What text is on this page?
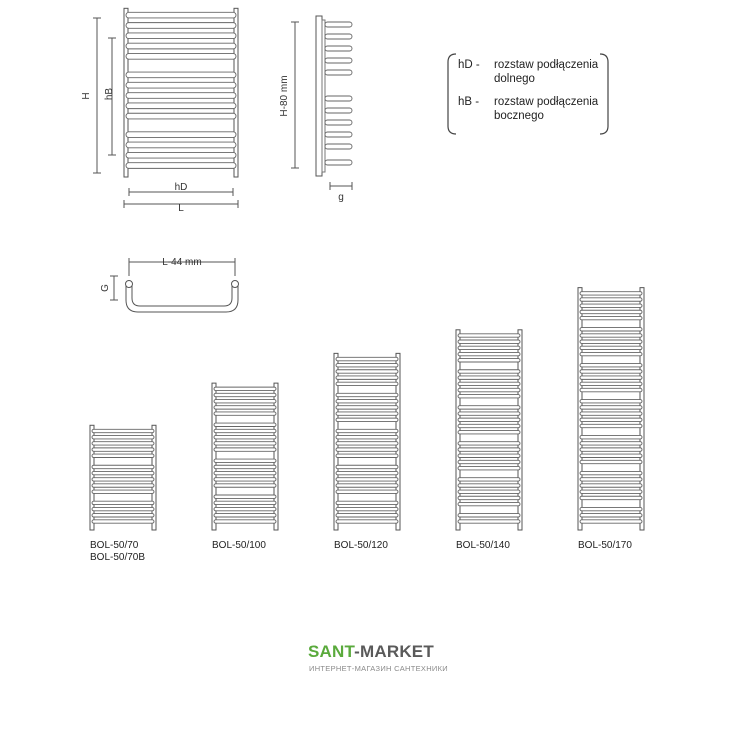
H hB
hD
L
H-80 mm
g
L-44 mm
G
hD -	rozstaw podłączenia
dolnego
hB -	rozstaw podłączenia
bocznego
BOL-50/70
BOL-50/70B
BOL-50/100	BOL-50/120	BOL-50/140	BOL-50/170
SANT-MARKET
ИНТЕРНЕТ-МАГАЗИН САНТЕХНИКИ
